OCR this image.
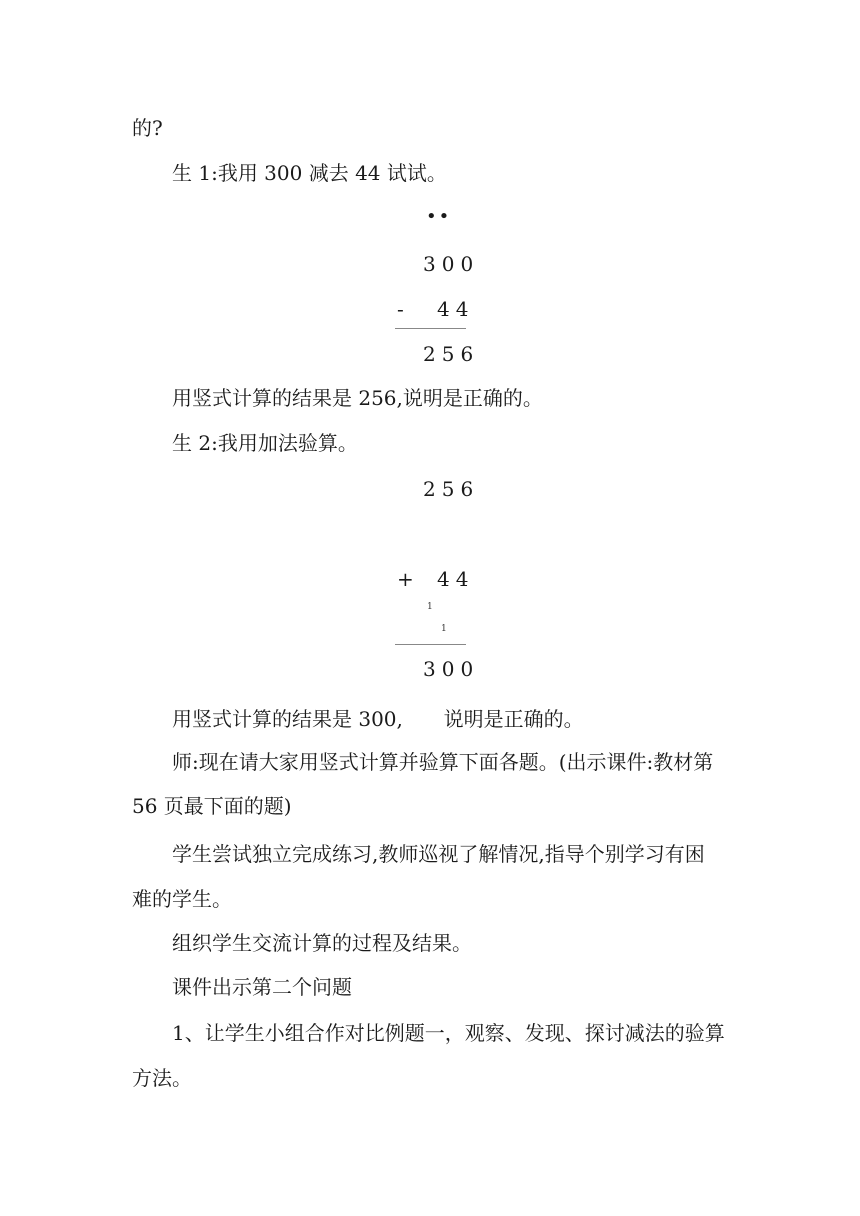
的?
生 1:我用 300 减去 44 试试。
••
300
- 44
256
用竖式计算的结果是 256,说明是正确的。
生 2:我用加法验算。
256
+ 44
1
1
300
用竖式计算的结果是 300, 说明是正确的。
师:现在请大家用竖式计算并验算下面各题。(出示课件:教材第
56 页最下面的题)
学生尝试独立完成练习,教师巡视了解情况,指导个别学习有困
难的学生。
组织学生交流计算的过程及结果。
课件出示第二个问题
1、让学生小组合作对比例题一，观察、发现、探讨减法的验算
方法。
